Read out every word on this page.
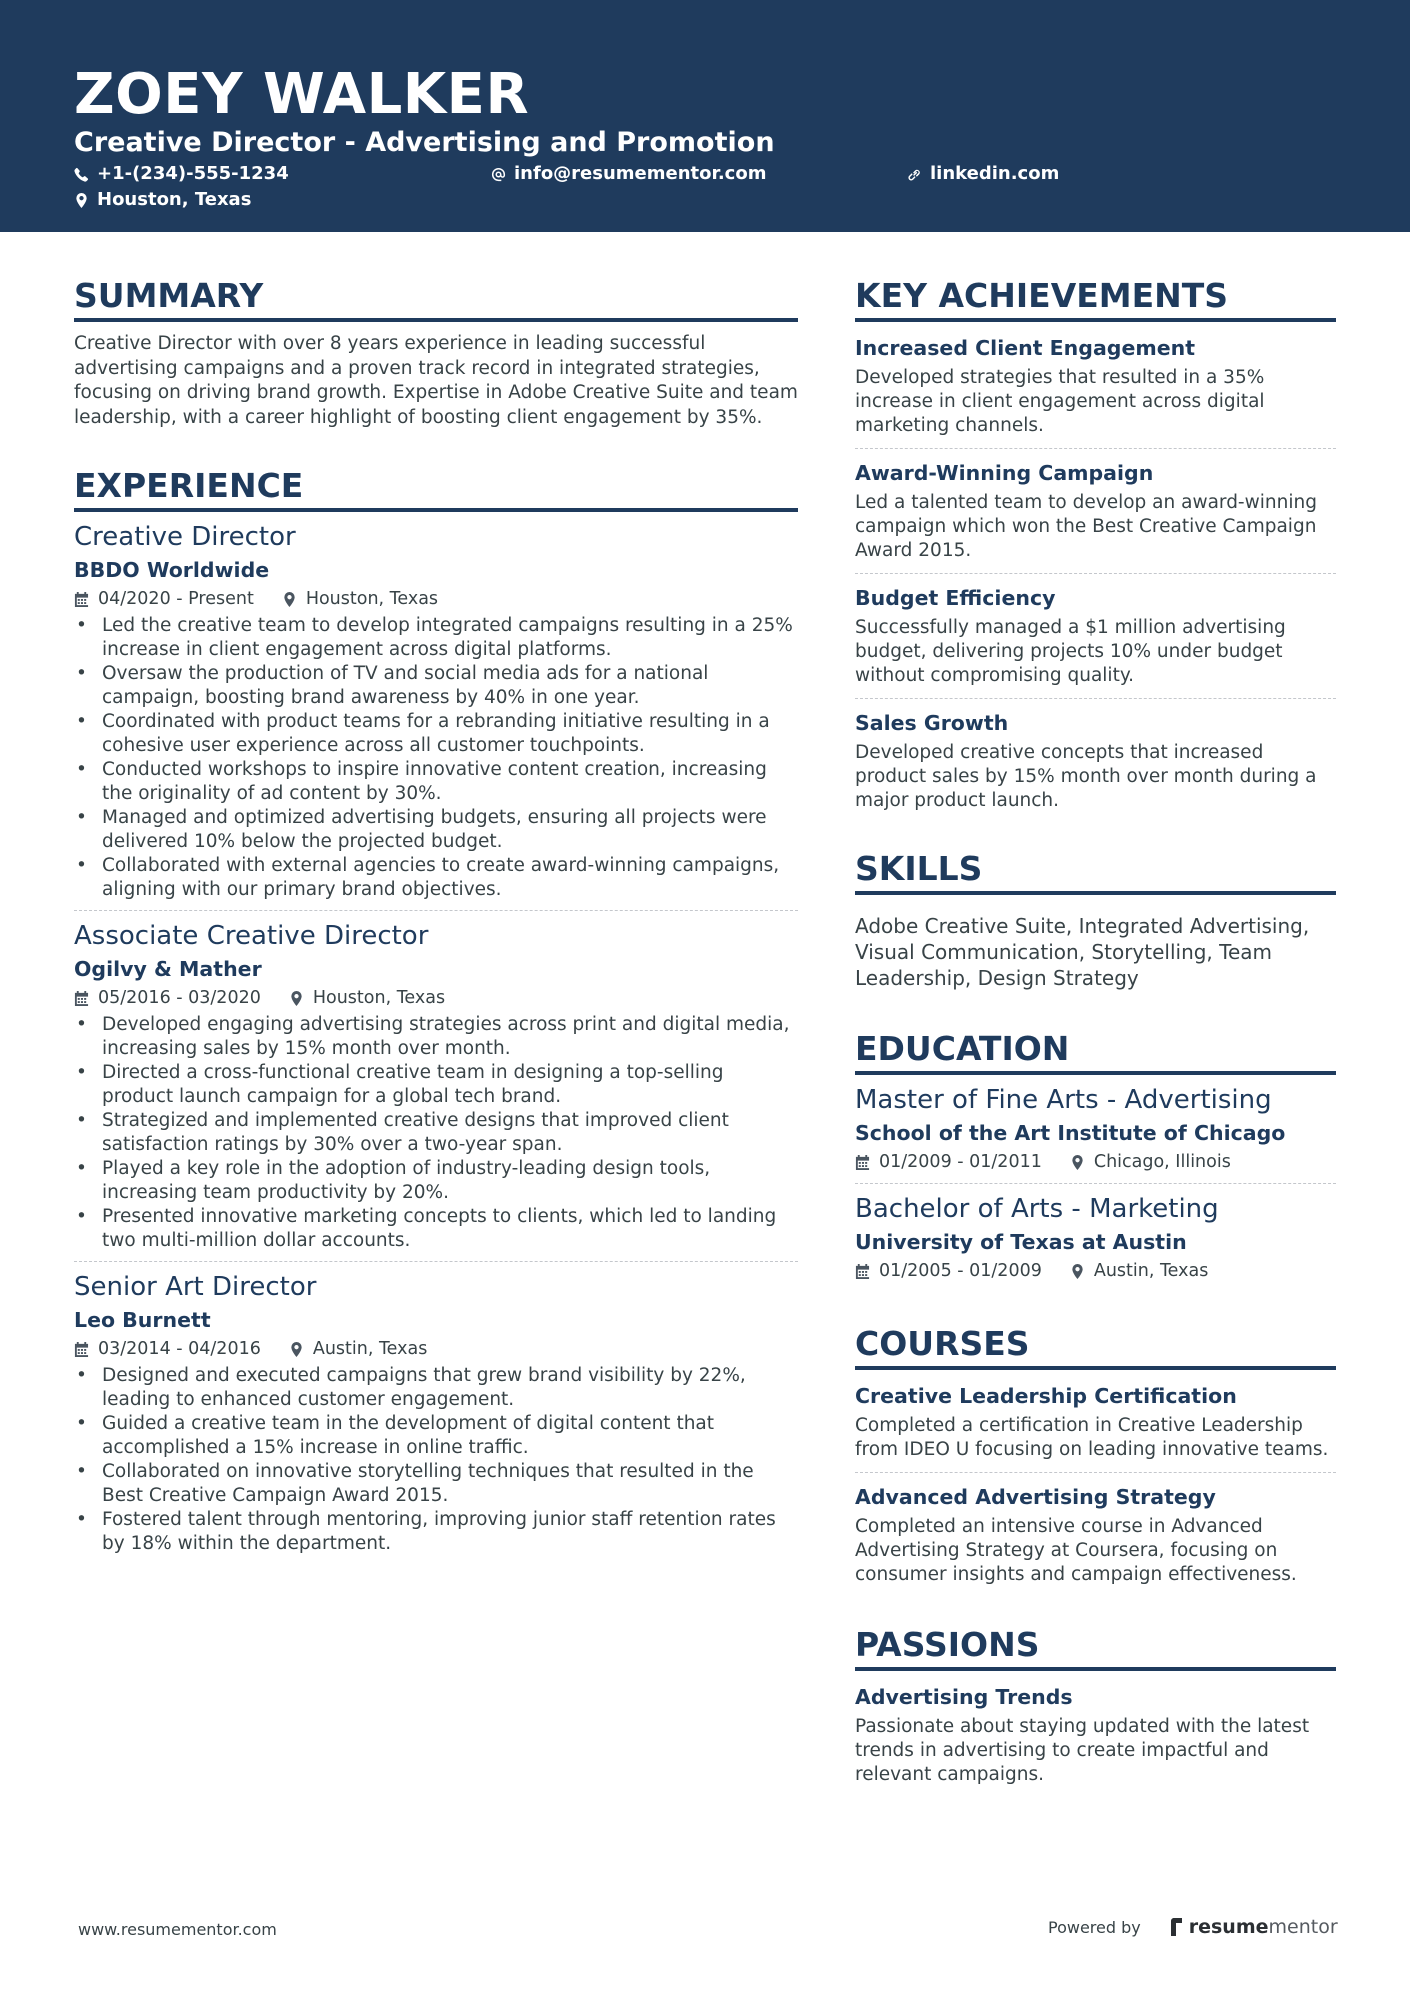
ZOEY WALKER
Creative Director - Advertising and Promotion
+1-(234)-555-1234	info@resumementor.com	linkedin.com
Houston, Texas
SUMMARY

Creative Director with over 8 years experience in leading successful advertising campaigns and a proven track record in integrated strategies, focusing on driving brand growth. Expertise in Adobe Creative Suite and team leadership, with a career highlight of boosting client engagement by 35%.

EXPERIENCE
Creative Director
BBDO Worldwide
04/2020 - Present	Houston, Texas
• Led the creative team to develop integrated campaigns resulting in a 25% increase in client engagement across digital platforms.
• Oversaw the production of TV and social media ads for a national campaign, boosting brand awareness by 40% in one year.
• Coordinated with product teams for a rebranding initiative resulting in a cohesive user experience across all customer touchpoints.
• Conducted workshops to inspire innovative content creation, increasing the originality of ad content by 30%.
• Managed and optimized advertising budgets, ensuring all projects were delivered 10% below the projected budget.
• Collaborated with external agencies to create award-winning campaigns, aligning with our primary brand objectives.
Associate Creative Director
Ogilvy & Mather
05/2016 - 03/2020	Houston, Texas
• Developed engaging advertising strategies across print and digital media, increasing sales by 15% month over month.
• Directed a cross-functional creative team in designing a top-selling product launch campaign for a global tech brand.
• Strategized and implemented creative designs that improved client satisfaction ratings by 30% over a two-year span.
• Played a key role in the adoption of industry-leading design tools, increasing team productivity by 20%.
• Presented innovative marketing concepts to clients, which led to landing two multi-million dollar accounts.
Senior Art Director
Leo Burnett
03/2014 - 04/2016	Austin, Texas
• Designed and executed campaigns that grew brand visibility by 22%, leading to enhanced customer engagement.
• Guided a creative team in the development of digital content that accomplished a 15% increase in online traffic.
• Collaborated on innovative storytelling techniques that resulted in the Best Creative Campaign Award 2015.
• Fostered talent through mentoring, improving junior staff retention rates by 18% within the department.
KEY ACHIEVEMENTS
Increased Client Engagement
Developed strategies that resulted in a 35% increase in client engagement across digital marketing channels.
Award-Winning Campaign
Led a talented team to develop an award-winning campaign which won the Best Creative Campaign Award 2015.
Budget Efficiency
Successfully managed a $1 million advertising budget, delivering projects 10% under budget without compromising quality.
Sales Growth
Developed creative concepts that increased product sales by 15% month over month during a major product launch.
SKILLS

Adobe Creative Suite, Integrated Advertising, Visual Communication, Storytelling, Team Leadership, Design Strategy

EDUCATION
Master of Fine Arts - Advertising
School of the Art Institute of Chicago
01/2009 - 01/2011	Chicago, Illinois
Bachelor of Arts - Marketing
University of Texas at Austin
01/2005 - 01/2009	Austin, Texas
COURSES
Creative Leadership Certification
Completed a certification in Creative Leadership from IDEO U focusing on leading innovative teams.
Advanced Advertising Strategy
Completed an intensive course in Advanced Advertising Strategy at Coursera, focusing on consumer insights and campaign effectiveness.
PASSIONS
Advertising Trends
Passionate about staying updated with the latest trends in advertising to create impactful and relevant campaigns.
www.resumementor.com	Powered by	resume mentor
